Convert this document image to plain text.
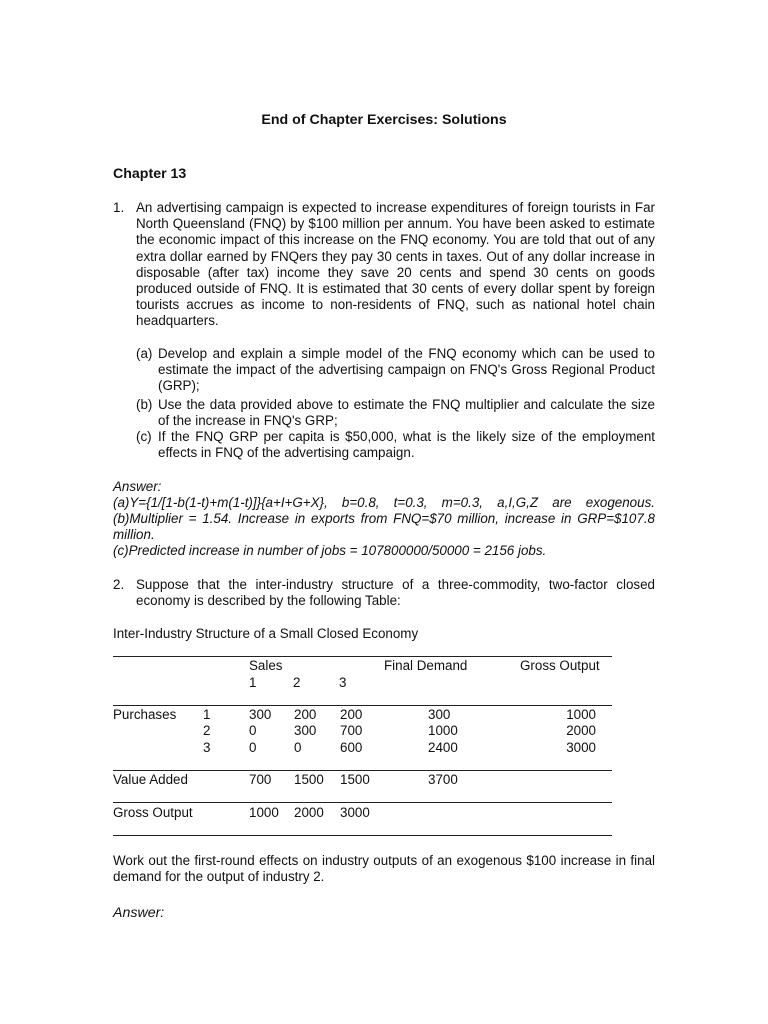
End of Chapter Exercises: Solutions
Chapter 13
1. An advertising campaign is expected to increase expenditures of foreign tourists in Far North Queensland (FNQ) by $100 million per annum. You have been asked to estimate the economic impact of this increase on the FNQ economy. You are told that out of any extra dollar earned by FNQers they pay 30 cents in taxes. Out of any dollar increase in disposable (after tax) income they save 20 cents and spend 30 cents on goods produced outside of FNQ. It is estimated that 30 cents of every dollar spent by foreign tourists accrues as income to non-residents of FNQ, such as national hotel chain headquarters.
(a) Develop and explain a simple model of the FNQ economy which can be used to estimate the impact of the advertising campaign on FNQ's Gross Regional Product (GRP);
(b) Use the data provided above to estimate the FNQ multiplier and calculate the size of the increase in FNQ's GRP;
(c) If the FNQ GRP per capita is $50,000, what is the likely size of the employment effects in FNQ of the advertising campaign.
Answer:
(a)Y={1/[1-b(1-t)+m(1-t)]}{a+I+G+X}, b=0.8, t=0.3, m=0.3, a,I,G,Z are exogenous.
(b)Multiplier = 1.54. Increase in exports from FNQ=$70 million, increase in GRP=$107.8 million.
(c)Predicted increase in number of jobs = 107800000/50000 = 2156 jobs.
2. Suppose that the inter-industry structure of a three-commodity, two-factor closed economy is described by the following Table:
Inter-Industry Structure of a Small Closed Economy
Sales	Final Demand	Gross Output
1	2	3
Purchases 1	300 200 200	300	1000
2	0	300 700	1000	2000
3	0	0	600	2400	3000
Value Added	700 1500 1500	3700
Gross Output	1000 2000 3000
Work out the first-round effects on industry outputs of an exogenous $100 increase in final demand for the output of industry 2.
Answer:
